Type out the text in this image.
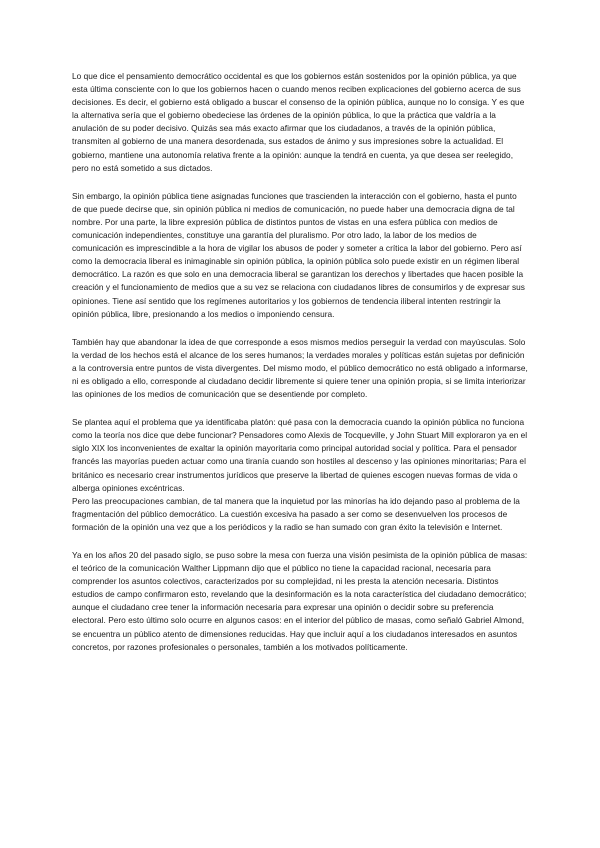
Lo que dice el pensamiento democrático occidental es que los gobiernos están sostenidos por la opinión pública, ya que esta última consciente con lo que los gobiernos hacen o cuando menos reciben explicaciones del gobierno acerca de sus decisiones. Es decir, el gobierno está obligado a buscar el consenso de la opinión pública, aunque no lo consiga. Y es que la alternativa sería que el gobierno obedeciese las órdenes de la opinión pública, lo que la práctica que valdría a la anulación de su poder decisivo. Quizás sea más exacto afirmar que los ciudadanos, a través de la opinión pública, transmiten al gobierno de una manera desordenada, sus estados de ánimo y sus impresiones sobre la actualidad. El gobierno, mantiene una autonomía relativa frente a la opinión: aunque la tendrá en cuenta, ya que desea ser reelegido, pero no está sometido a sus dictados.

Sin embargo, la opinión pública tiene asignadas funciones que trascienden la interacción con el gobierno, hasta el punto de que puede decirse que, sin opinión pública ni medios de comunicación, no puede haber una democracia digna de tal nombre. Por una parte, la libre expresión pública de distintos puntos de vistas en una esfera pública con medios de comunicación independientes, constituye una garantía del pluralismo. Por otro lado, la labor de los medios de comunicación es imprescindible a la hora de vigilar los abusos de poder y someter a crítica la labor del gobierno. Pero así como la democracia liberal es inimaginable sin opinión pública, la opinión pública solo puede existir en un régimen liberal democrático. La razón es que solo en una democracia liberal se garantizan los derechos y libertades que hacen posible la creación y el funcionamiento de medios que a su vez se relaciona con ciudadanos libres de consumirlos y de expresar sus opiniones. Tiene así sentido que los regímenes autoritarios y los gobiernos de tendencia iliberal intenten restringir la opinión pública, libre, presionando a los medios o imponiendo censura.

También hay que abandonar la idea de que corresponde a esos mismos medios perseguir la verdad con mayúsculas. Solo la verdad de los hechos está el alcance de los seres humanos; la verdades morales y políticas están sujetas por definición a la controversia entre puntos de vista divergentes. Del mismo modo, el público democrático no está obligado a informarse, ni es obligado a ello, corresponde al ciudadano decidir libremente si quiere tener una opinión propia, si se limita interiorizar las opiniones de los medios de comunicación que se desentiende por completo.

Se plantea aquí el problema que ya identificaba platón: qué pasa con la democracia cuando la opinión pública no funciona como la teoría nos dice que debe funcionar? Pensadores como Alexis de Tocqueville, y John Stuart Mill exploraron ya en el siglo XIX los inconvenientes de exaltar la opinión mayoritaria como principal autoridad social y política. Para el pensador francés las mayorías pueden actuar como una tiranía cuando son hostiles al descenso y las opiniones minoritarias; Para el británico es necesario crear instrumentos jurídicos que preserve la libertad de quienes escogen nuevas formas de vida o alberga opiniones excéntricas.

Pero las preocupaciones cambian, de tal manera que la inquietud por las minorías ha ido dejando paso al problema de la fragmentación del público democrático. La cuestión excesiva ha pasado a ser como se desenvuelven los procesos de formación de la opinión una vez que a los periódicos y la radio se han sumado con gran éxito la televisión e Internet.

Ya en los años 20 del pasado siglo, se puso sobre la mesa con fuerza una visión pesimista de la opinión pública de masas: el teórico de la comunicación Walther Lippmann dijo que el público no tiene la capacidad racional, necesaria para comprender los asuntos colectivos, caracterizados por su complejidad, ni les presta la atención necesaria. Distintos estudios de campo confirmaron esto, revelando que la desinformación es la nota característica del ciudadano democrático; aunque el ciudadano cree tener la información necesaria para expresar una opinión o decidir sobre su preferencia electoral. Pero esto último solo ocurre en algunos casos: en el interior del público de masas, como señaló Gabriel Almond, se encuentra un público atento de dimensiones reducidas. Hay que incluir aquí a los ciudadanos interesados en asuntos concretos, por razones profesionales o personales, también a los motivados políticamente.
